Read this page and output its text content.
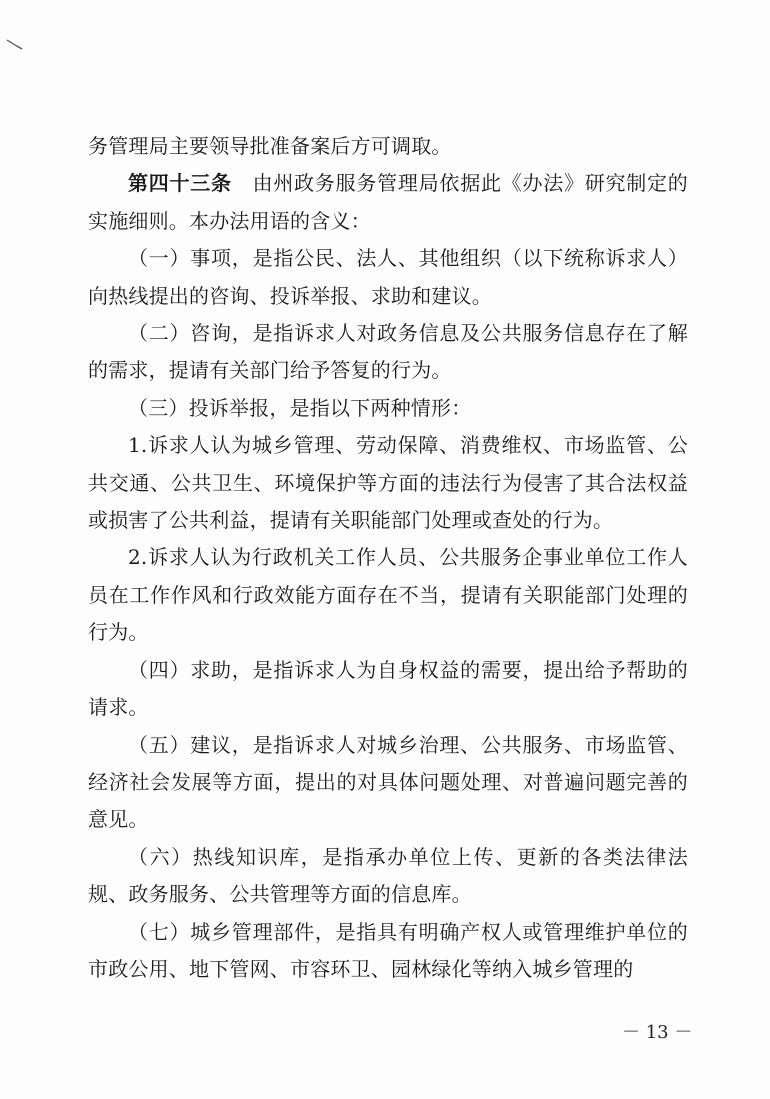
务管理局主要领导批准备案后方可调取。

第四十三条  由州政务服务管理局依据此《办法》研究制定的实施细则。本办法用语的含义：

（一）事项，是指公民、法人、其他组织（以下统称诉求人）向热线提出的咨询、投诉举报、求助和建议。

（二）咨询，是指诉求人对政务信息及公共服务信息存在了解的需求，提请有关部门给予答复的行为。

（三）投诉举报，是指以下两种情形：

1.诉求人认为城乡管理、劳动保障、消费维权、市场监管、公共交通、公共卫生、环境保护等方面的违法行为侵害了其合法权益或损害了公共利益，提请有关职能部门处理或查处的行为。

2.诉求人认为行政机关工作人员、公共服务企事业单位工作人员在工作作风和行政效能方面存在不当，提请有关职能部门处理的行为。

（四）求助，是指诉求人为自身权益的需要，提出给予帮助的请求。

（五）建议，是指诉求人对城乡治理、公共服务、市场监管、经济社会发展等方面，提出的对具体问题处理、对普遍问题完善的意见。

（六）热线知识库，是指承办单位上传、更新的各类法律法规、政务服务、公共管理等方面的信息库。

（七）城乡管理部件，是指具有明确产权人或管理维护单位的市政公用、地下管网、市容环卫、园林绿化等纳入城乡管理的

－ 13 －
